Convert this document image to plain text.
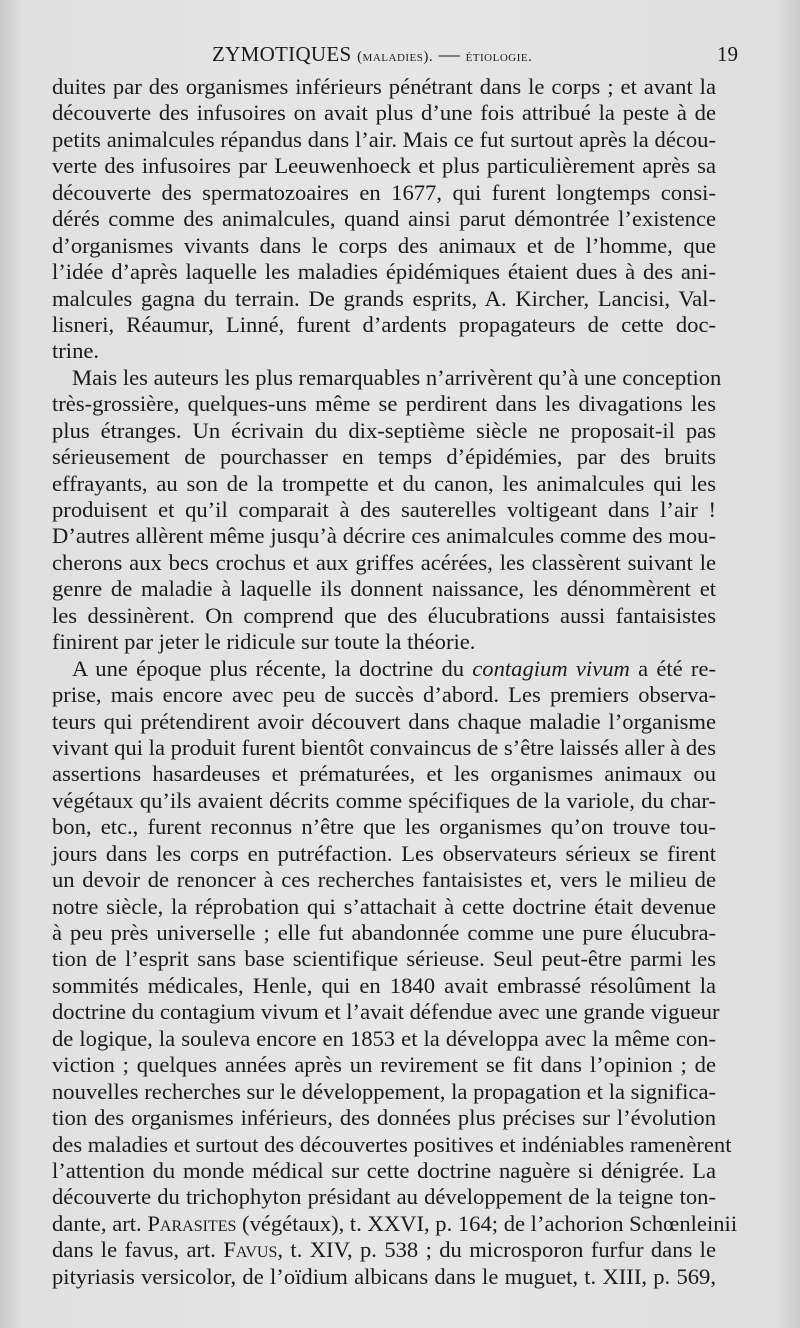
ZYMOTIQUES (maladies). — étiologie.	19
duites par des organismes inférieurs pénétrant dans le corps ; et avant la
découverte des infusoires on avait plus d’une fois attribué la peste à de
petits animalcules répandus dans l’air. Mais ce fut surtout après la décou-
verte des infusoires par Leeuwenhoeck et plus particulièrement après sa
découverte des spermatozoaires en 1677, qui furent longtemps consi-
dérés comme des animalcules, quand ainsi parut démontrée l’existence
d’organismes vivants dans le corps des animaux et de l’homme, que
l’idée d’après laquelle les maladies épidémiques étaient dues à des ani-
malcules gagna du terrain. De grands esprits, A. Kircher, Lancisi, Val-
lisneri, Réaumur, Linné, furent d’ardents propagateurs de cette doc-
trine.
Mais les auteurs les plus remarquables n’arrivèrent qu’à une conception
très-grossière, quelques-uns même se perdirent dans les divagations les
plus étranges. Un écrivain du dix-septième siècle ne proposait-il pas
sérieusement de pourchasser en temps d’épidémies, par des bruits
effrayants, au son de la trompette et du canon, les animalcules qui les
produisent et qu’il comparait à des sauterelles voltigeant dans l’air !
D’autres allèrent même jusqu’à décrire ces animalcules comme des mou-
cherons aux becs crochus et aux griffes acérées, les classèrent suivant le
genre de maladie à laquelle ils donnent naissance, les dénommèrent et
les dessinèrent. On comprend que des élucubrations aussi fantaisistes
finirent par jeter le ridicule sur toute la théorie.
A une époque plus récente, la doctrine du contagium vivum a été re-
prise, mais encore avec peu de succès d’abord. Les premiers observa-
teurs qui prétendirent avoir découvert dans chaque maladie l’organisme
vivant qui la produit furent bientôt convaincus de s’être laissés aller à des
assertions hasardeuses et prématurées, et les organismes animaux ou
végétaux qu’ils avaient décrits comme spécifiques de la variole, du char-
bon, etc., furent reconnus n’être que les organismes qu’on trouve tou-
jours dans les corps en putréfaction. Les observateurs sérieux se firent
un devoir de renoncer à ces recherches fantaisistes et, vers le milieu de
notre siècle, la réprobation qui s’attachait à cette doctrine était devenue
à peu près universelle ; elle fut abandonnée comme une pure élucubra-
tion de l’esprit sans base scientifique sérieuse. Seul peut-être parmi les
sommités médicales, Henle, qui en 1840 avait embrassé résolûment la
doctrine du contagium vivum et l’avait défendue avec une grande vigueur
de logique, la souleva encore en 1853 et la développa avec la même con-
viction ; quelques années après un revirement se fit dans l’opinion ; de
nouvelles recherches sur le développement, la propagation et la significa-
tion des organismes inférieurs, des données plus précises sur l’évolution
des maladies et surtout des découvertes positives et indéniables ramenèrent
l’attention du monde médical sur cette doctrine naguère si dénigrée. La
découverte du trichophyton présidant au développement de la teigne ton-
dante, art. Parasites (végétaux), t. XXVI, p. 164; de l’achorion Schœnleinii
dans le favus, art. Favus, t. XIV, p. 538 ; du microsporon furfur dans le
pityriasis versicolor, de l’oïdium albicans dans le muguet, t. XIII, p. 569,
